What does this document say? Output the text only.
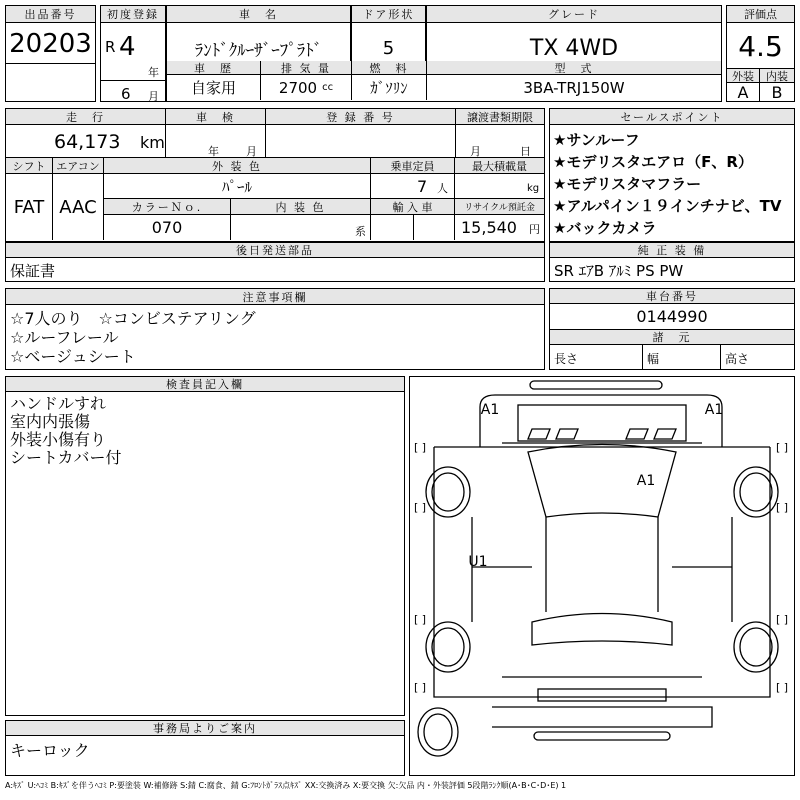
出品番号
20203
初度登録
R 4
年
6 月
車　名
ﾗﾝﾄﾞｸﾙｰｻﾞｰﾌﾟﾗﾄﾞ
ドア形状
5
グレード
TX 4WD
評価点
4.5
外装	内装
A	B
車　歴
自家用
排 気 量
2700 cc
燃　料
ｶﾞｿﾘﾝ
型　式
3BA-TRJ150W
走　行
64,173 km
車　検
年 月
登 録 番 号	譲渡書類期限
月	日
シフト
FAT
エアコン
AAC
外 装 色
ﾊﾟｰﾙ
乗車定員
7 人
最大積載量
kg
カラーＮｏ.
070
内 装 色
系
輸 入 車	リサイクル預託金
15,540 円
セールスポイント
★サンルーフ
★モデリスタエアロ（F、R）
★モデリスタマフラー
★アルパイン１９インチナビ、TV
★バックカメラ
後日発送部品
保証書
純 正 装 備
SR ｴｱB ｱﾙﾐ PS PW
注意事項欄
☆7人のり　☆コンビステアリング
☆ルーフレール
☆ベージュシート
車台番号
0144990
諸　元
長さ	幅	高さ
検査員記入欄
ハンドルすれ
室内内張傷
外装小傷有り
シートカバー付
事務局よりご案内
キーロック
A1	A1
A1
U1
[ ]	[ ]
[ ]	[ ]
[ ]	[ ]
[ ]	[ ]
A:ｷｽﾞ U:ﾍｺﾐ B:ｷｽﾞを伴うﾍｺﾐ P:要塗装 W:補修跡 S:錆 C:腐食、錆 G:ﾌﾛﾝﾄｶﾞﾗｽ点ｷｽﾞ XX:交換済み X:要交換 欠:欠品 内・外装評価 5段階ﾗﾝｸ順(A･B･C･D･E) 1
